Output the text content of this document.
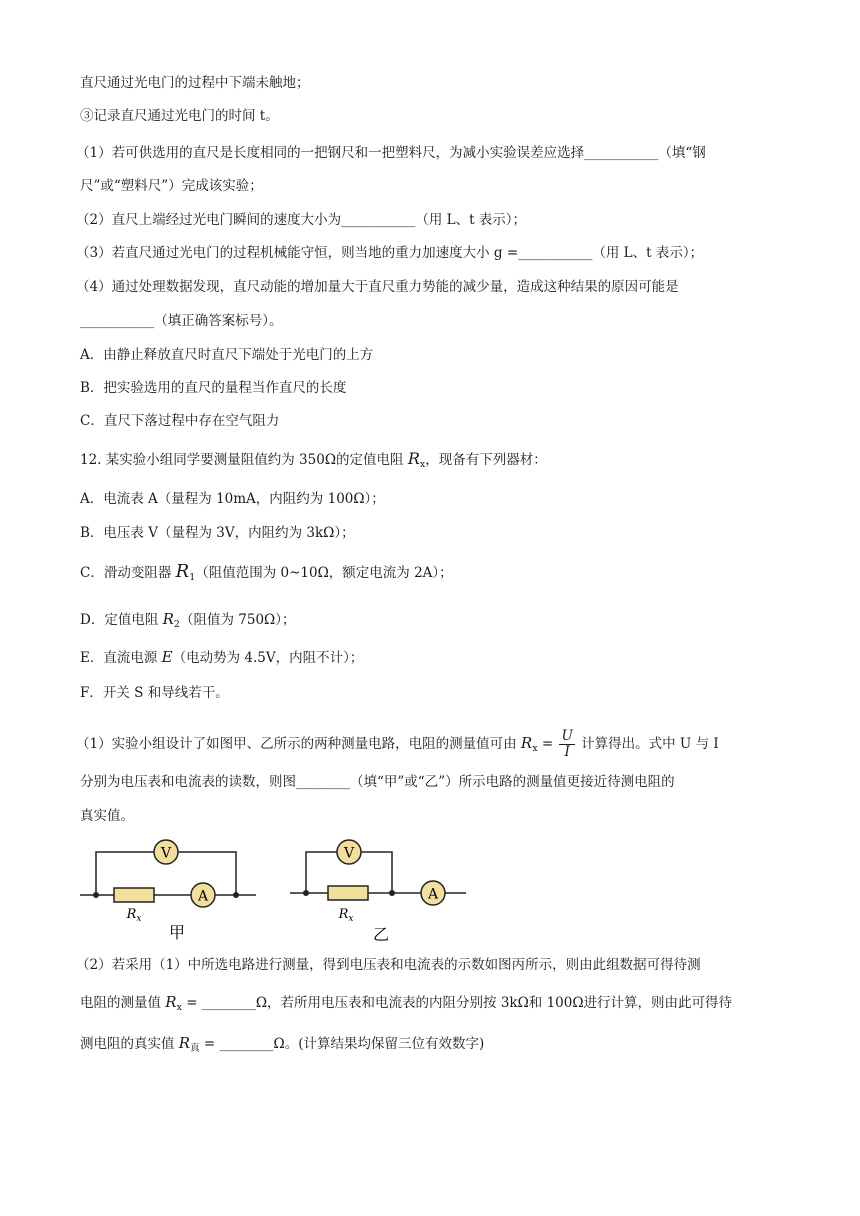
直尺通过光电门的过程中下端未触地；
③记录直尺通过光电门的时间 t。
（1）若可供选用的直尺是长度相同的一把钢尺和一把塑料尺，为减小实验误差应选择___________（填“钢
尺”或“塑料尺”）完成该实验；
（2）直尺上端经过光电门瞬间的速度大小为___________（用 L、t 表示）；
（3）若直尺通过光电门的过程机械能守恒，则当地的重力加速度大小 g =___________（用 L、t 表示）；
（4）通过处理数据发现，直尺动能的增加量大于直尺重力势能的减少量，造成这种结果的原因可能是
___________（填正确答案标号）。
A．由静止释放直尺时直尺下端处于光电门的上方
B．把实验选用的直尺的量程当作直尺的长度
C．直尺下落过程中存在空气阻力
12. 某实验小组同学要测量阻值约为 350Ω的定值电阻 $R_x$，现备有下列器材：
A．电流表 A（量程为 10mA，内阻约为 100Ω）；
B．电压表 V（量程为 3V，内阻约为 3kΩ）；
C．滑动变阻器 $R_1$（阻值范围为 0~10Ω，额定电流为 2A）；
D．定值电阻 $R_2$（阻值为 750Ω）；
E．直流电源 E（电动势为 4.5V，内阻不计）；
F．开关 S 和导线若干。
（1）实验小组设计了如图甲、乙所示的两种测量电路，电阻的测量值可由 $R_x = \frac{U}{I}$ 计算得出。式中 U 与 I
分别为电压表和电流表的读数，则图________（填“甲”或“乙”）所示电路的测量值更接近待测电阻的
真实值。
V
A
$R_x$
甲
V
A
$R_x$
乙
（2）若采用（1）中所选电路进行测量，得到电压表和电流表的示数如图丙所示，则由此组数据可得待测
电阻的测量值 $R_x$ = ________Ω，若所用电压表和电流表的内阻分别按 3kΩ和 100Ω进行计算，则由此可得待
测电阻的真实值 $R_真$ = ________Ω。(计算结果均保留三位有效数字)
